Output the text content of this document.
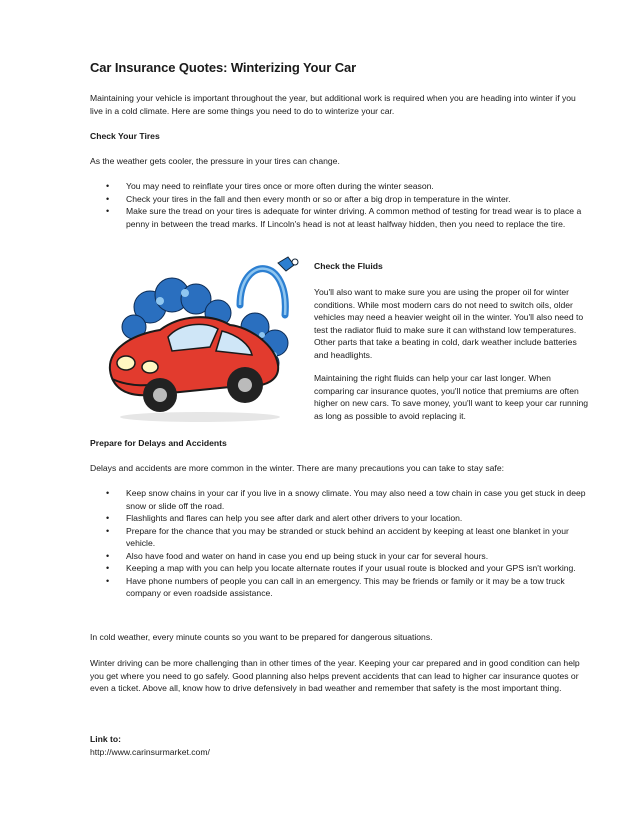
Car Insurance Quotes: Winterizing Your Car
Maintaining your vehicle is important throughout the year, but additional work is required when you are heading into winter if you live in a cold climate. Here are some things you need to do to winterize your car.
Check Your Tires
As the weather gets cooler, the pressure in your tires can change.
• You may need to reinflate your tires once or more often during the winter season.
• Check your tires in the fall and then every month or so or after a big drop in temperature in the winter.
• Make sure the tread on your tires is adequate for winter driving. A common method of testing for tread wear is to place a penny in between the tread marks. If Lincoln's head is not at least halfway hidden, then you need to replace the tire.
Check the Fluids
You'll also want to make sure you are using the proper oil for winter conditions. While most modern cars do not need to switch oils, older vehicles may need a heavier weight oil in the winter. You'll also need to test the radiator fluid to make sure it can withstand low temperatures. Other parts that take a beating in cold, dark weather include batteries and headlights.
Maintaining the right fluids can help your car last longer. When comparing car insurance quotes, you'll notice that premiums are often higher on new cars. To save money, you'll want to keep your car running as long as possible to avoid replacing it.
Prepare for Delays and Accidents
Delays and accidents are more common in the winter. There are many precautions you can take to stay safe:
• Keep snow chains in your car if you live in a snowy climate. You may also need a tow chain in case you get stuck in deep snow or slide off the road.
• Flashlights and flares can help you see after dark and alert other drivers to your location.
• Prepare for the chance that you may be stranded or stuck behind an accident by keeping at least one blanket in your vehicle.
• Also have food and water on hand in case you end up being stuck in your car for several hours.
• Keeping a map with you can help you locate alternate routes if your usual route is blocked and your GPS isn't working.
• Have phone numbers of people you can call in an emergency. This may be friends or family or it may be a tow truck company or even roadside assistance.
In cold weather, every minute counts so you want to be prepared for dangerous situations.
Winter driving can be more challenging than in other times of the year. Keeping your car prepared and in good condition can help you get where you need to go safely. Good planning also helps prevent accidents that can lead to higher car insurance quotes or even a ticket. Above all, know how to drive defensively in bad weather and remember that safety is the most important thing.
Link to:
http://www.carinsurmarket.com/
